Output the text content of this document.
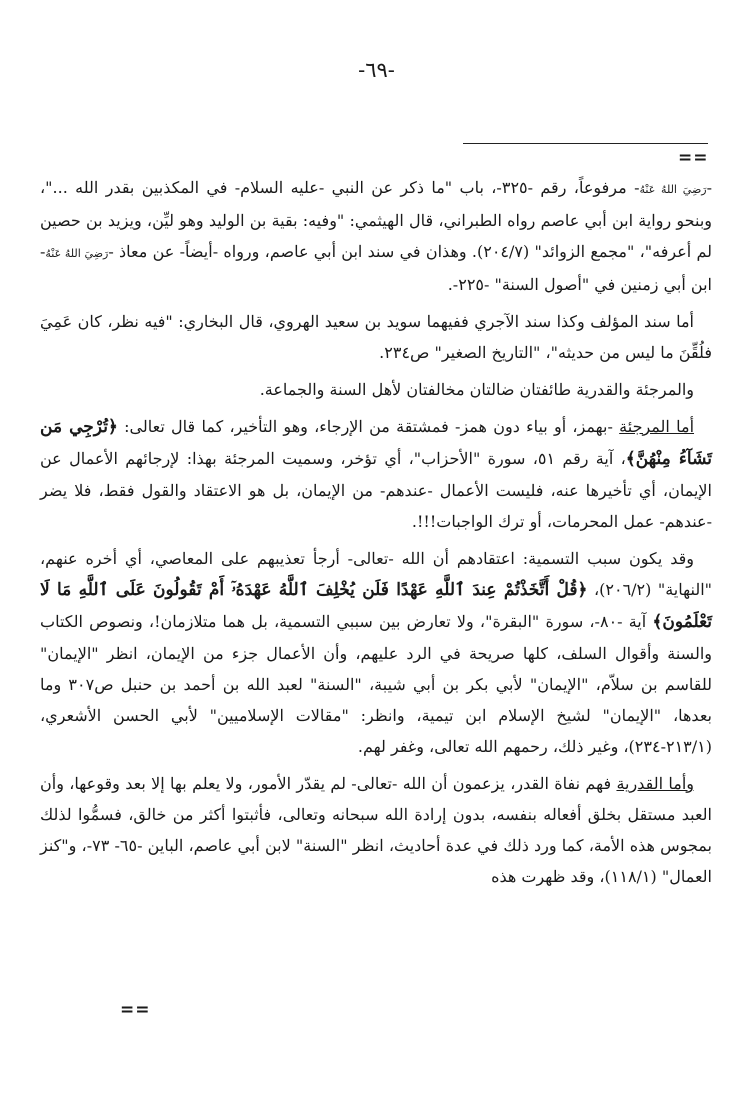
-٦٩-
==

-رَضِيَ اللهُ عَنْهُ- مرفوعاً، رقم -٣٢٥-، باب "ما ذكر عن النبي -عليه السلام- في المكذبين بقدر الله ..."، وبنحو رواية ابن أبي عاصم رواه الطبراني، قال الهيثمي: "وفيه: بقية بن الوليد وهو ليِّن، ويزيد بن حصين لم أعرفه"، "مجمع الزوائد" (٢٠٤/٧). وهذان في سند ابن أبي عاصم، ورواه -أيضاً- عن معاذ -رَضِيَ اللهُ عَنْهُ- ابن أبي زمنين في "أصول السنة" -٢٢٥-.

أما سند المؤلف وكذا سند الآجري ففيهما سويد بن سعيد الهروي، قال البخاري: "فيه نظر، كان عَمِيَ فلُقِّنَ ما ليس من حديثه"، "التاريخ الصغير" ص٢٣٤.

والمرجئة والقدرية طائفتان ضالتان مخالفتان لأهل السنة والجماعة.

أما المرجئة -بهمز، أو بياء دون همز- فمشتقة من الإرجاء، وهو التأخير، كما قال تعالى: ﴿تُرْجِي مَن تَشَآءُ مِنْهُنَّ﴾، آية رقم ٥١، سورة "الأحزاب"، أي تؤخر، وسميت المرجئة بهذا: لإرجائهم الأعمال عن الإيمان، أي تأخيرها عنه، فليست الأعمال -عندهم- من الإيمان، بل هو الاعتقاد والقول فقط، فلا يضر -عندهم- عمل المحرمات، أو ترك الواجبات!!!.

وقد يكون سبب التسمية: اعتقادهم أن الله -تعالى- أرجأ تعذيبهم على المعاصي، أي أخره عنهم، "النهاية" (٢٠٦/٢)، ﴿قُلْ أَتَّخَذْتُمْ عِندَ ٱللَّهِ عَهْدًا فَلَن يُخْلِفَ ٱللَّهُ عَهْدَهُۥٓ أَمْ تَقُولُونَ عَلَى ٱللَّهِ مَا لَا تَعْلَمُونَ﴾ آية -٨٠-، سورة "البقرة"، ولا تعارض بين سببي التسمية، بل هما متلازمان!، ونصوص الكتاب والسنة وأقوال السلف، كلها صريحة في الرد عليهم، وأن الأعمال جزء من الإيمان، انظر "الإيمان" للقاسم بن سلاّم، "الإيمان" لأبي بكر بن أبي شيبة، "السنة" لعبد الله بن أحمد بن حنبل ص٣٠٧ وما بعدها، "الإيمان" لشيخ الإسلام ابن تيمية، وانظر: "مقالات الإسلاميين" لأبي الحسن الأشعري، (٢١٣/١-٢٣٤)، وغير ذلك، رحمهم الله تعالى، وغفر لهم.

وأما القدرية فهم نفاة القدر، يزعمون أن الله -تعالى- لم يقدّر الأمور، ولا يعلم بها إلا بعد وقوعها، وأن العبد مستقل بخلق أفعاله بنفسه، بدون إرادة الله سبحانه وتعالى، فأثبتوا أكثر من خالق، فسمُّوا لذلك بمجوس هذه الأمة، كما ورد ذلك في عدة أحاديث، انظر "السنة" لابن أبي عاصم، الباين -٦٥- ٧٣-، و"كنز العمال" (١١٨/١)، وقد ظهرت هذه

==
